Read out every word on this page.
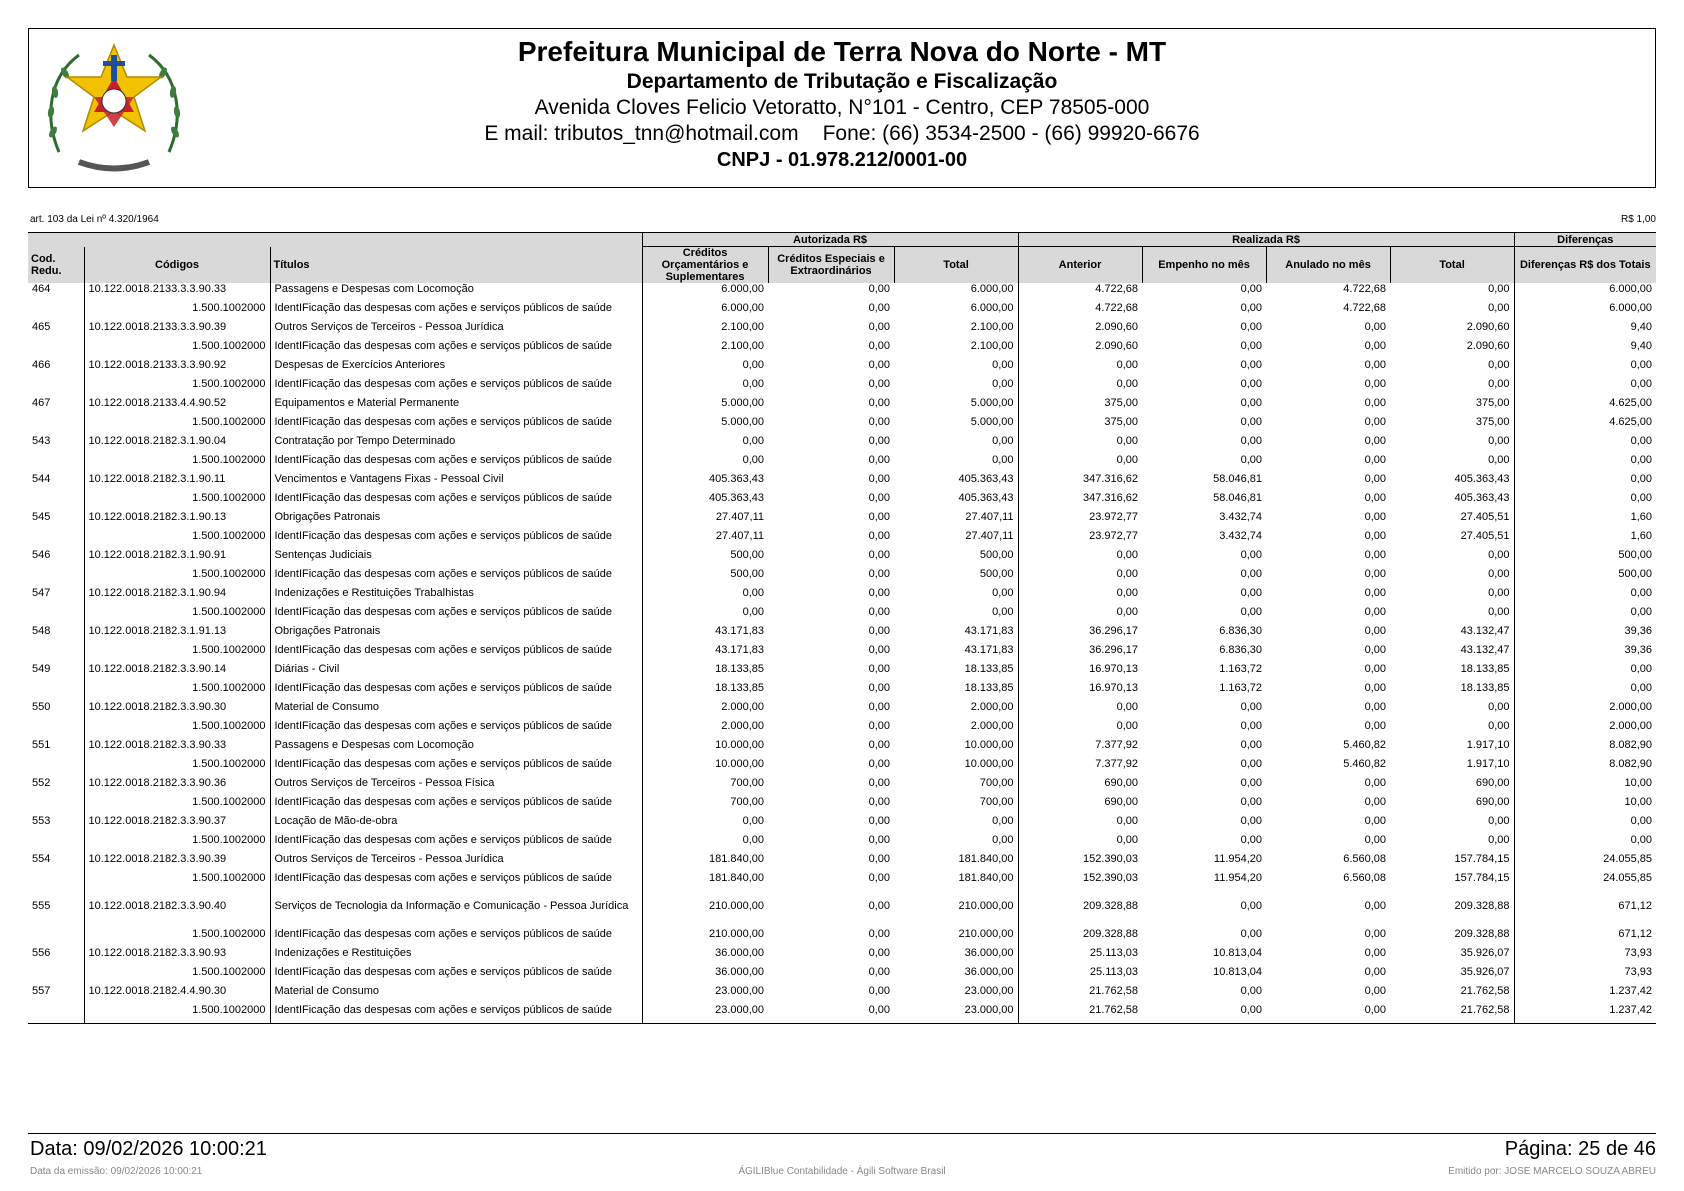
Prefeitura Municipal de Terra Nova do Norte - MT
Departamento de Tributação e Fiscalização
Avenida Cloves Felicio Vetoratto, N°101 - Centro, CEP 78505-000
E mail: tributos_tnn@hotmail.com Fone: (66) 3534-2500 - (66) 99920-6676
CNPJ - 01.978.212/0001-00
art. 103 da Lei nº 4.320/1964	R$ 1,00
			Autorizada R$			Realizada R$				Diferenças
Cod. Redu.	Códigos	Títulos	Créditos Orçamentários e Suplementares	Créditos Especiais e Extraordinários	Total	Anterior	Empenho no mês	Anulado no mês	Total	Diferenças R$ dos Totais
464	10.122.0018.2133.3.3.90.33	Passagens e Despesas com Locomoção	6.000,00	0,00	6.000,00	4.722,68	0,00	4.722,68	0,00	6.000,00
	1.500.1002000	IdentIFicação das despesas com ações e serviços públicos de saúde	6.000,00	0,00	6.000,00	4.722,68	0,00	4.722,68	0,00	6.000,00
465	10.122.0018.2133.3.3.90.39	Outros Serviços de Terceiros - Pessoa Jurídica	2.100,00	0,00	2.100,00	2.090,60	0,00	0,00	2.090,60	9,40
	1.500.1002000	IdentIFicação das despesas com ações e serviços públicos de saúde	2.100,00	0,00	2.100,00	2.090,60	0,00	0,00	2.090,60	9,40
466	10.122.0018.2133.3.3.90.92	Despesas de Exercícios Anteriores	0,00	0,00	0,00	0,00	0,00	0,00	0,00	0,00
	1.500.1002000	IdentIFicação das despesas com ações e serviços públicos de saúde	0,00	0,00	0,00	0,00	0,00	0,00	0,00	0,00
467	10.122.0018.2133.4.4.90.52	Equipamentos e Material Permanente	5.000,00	0,00	5.000,00	375,00	0,00	0,00	375,00	4.625,00
	1.500.1002000	IdentIFicação das despesas com ações e serviços públicos de saúde	5.000,00	0,00	5.000,00	375,00	0,00	0,00	375,00	4.625,00
543	10.122.0018.2182.3.1.90.04	Contratação por Tempo Determinado	0,00	0,00	0,00	0,00	0,00	0,00	0,00	0,00
	1.500.1002000	IdentIFicação das despesas com ações e serviços públicos de saúde	0,00	0,00	0,00	0,00	0,00	0,00	0,00	0,00
544	10.122.0018.2182.3.1.90.11	Vencimentos e Vantagens Fixas - Pessoal Civil	405.363,43	0,00	405.363,43	347.316,62	58.046,81	0,00	405.363,43	0,00
	1.500.1002000	IdentIFicação das despesas com ações e serviços públicos de saúde	405.363,43	0,00	405.363,43	347.316,62	58.046,81	0,00	405.363,43	0,00
545	10.122.0018.2182.3.1.90.13	Obrigações Patronais	27.407,11	0,00	27.407,11	23.972,77	3.432,74	0,00	27.405,51	1,60
	1.500.1002000	IdentIFicação das despesas com ações e serviços públicos de saúde	27.407,11	0,00	27.407,11	23.972,77	3.432,74	0,00	27.405,51	1,60
546	10.122.0018.2182.3.1.90.91	Sentenças Judiciais	500,00	0,00	500,00	0,00	0,00	0,00	0,00	500,00
	1.500.1002000	IdentIFicação das despesas com ações e serviços públicos de saúde	500,00	0,00	500,00	0,00	0,00	0,00	0,00	500,00
547	10.122.0018.2182.3.1.90.94	Indenizações e Restituições Trabalhistas	0,00	0,00	0,00	0,00	0,00	0,00	0,00	0,00
	1.500.1002000	IdentIFicação das despesas com ações e serviços públicos de saúde	0,00	0,00	0,00	0,00	0,00	0,00	0,00	0,00
548	10.122.0018.2182.3.1.91.13	Obrigações Patronais	43.171,83	0,00	43.171,83	36.296,17	6.836,30	0,00	43.132,47	39,36
	1.500.1002000	IdentIFicação das despesas com ações e serviços públicos de saúde	43.171,83	0,00	43.171,83	36.296,17	6.836,30	0,00	43.132,47	39,36
549	10.122.0018.2182.3.3.90.14	Diárias - Civil	18.133,85	0,00	18.133,85	16.970,13	1.163,72	0,00	18.133,85	0,00
	1.500.1002000	IdentIFicação das despesas com ações e serviços públicos de saúde	18.133,85	0,00	18.133,85	16.970,13	1.163,72	0,00	18.133,85	0,00
550	10.122.0018.2182.3.3.90.30	Material de Consumo	2.000,00	0,00	2.000,00	0,00	0,00	0,00	0,00	2.000,00
	1.500.1002000	IdentIFicação das despesas com ações e serviços públicos de saúde	2.000,00	0,00	2.000,00	0,00	0,00	0,00	0,00	2.000,00
551	10.122.0018.2182.3.3.90.33	Passagens e Despesas com Locomoção	10.000,00	0,00	10.000,00	7.377,92	0,00	5.460,82	1.917,10	8.082,90
	1.500.1002000	IdentIFicação das despesas com ações e serviços públicos de saúde	10.000,00	0,00	10.000,00	7.377,92	0,00	5.460,82	1.917,10	8.082,90
552	10.122.0018.2182.3.3.90.36	Outros Serviços de Terceiros - Pessoa Física	700,00	0,00	700,00	690,00	0,00	0,00	690,00	10,00
	1.500.1002000	IdentIFicação das despesas com ações e serviços públicos de saúde	700,00	0,00	700,00	690,00	0,00	0,00	690,00	10,00
553	10.122.0018.2182.3.3.90.37	Locação de Mão-de-obra	0,00	0,00	0,00	0,00	0,00	0,00	0,00	0,00
	1.500.1002000	IdentIFicação das despesas com ações e serviços públicos de saúde	0,00	0,00	0,00	0,00	0,00	0,00	0,00	0,00
554	10.122.0018.2182.3.3.90.39	Outros Serviços de Terceiros - Pessoa Jurídica	181.840,00	0,00	181.840,00	152.390,03	11.954,20	6.560,08	157.784,15	24.055,85
	1.500.1002000	IdentIFicação das despesas com ações e serviços públicos de saúde	181.840,00	0,00	181.840,00	152.390,03	11.954,20	6.560,08	157.784,15	24.055,85
555	10.122.0018.2182.3.3.90.40	Serviços de Tecnologia da Informação e Comunicação - Pessoa Jurídica	210.000,00	0,00	210.000,00	209.328,88	0,00	0,00	209.328,88	671,12
	1.500.1002000	IdentIFicação das despesas com ações e serviços públicos de saúde	210.000,00	0,00	210.000,00	209.328,88	0,00	0,00	209.328,88	671,12
556	10.122.0018.2182.3.3.90.93	Indenizações e Restituições	36.000,00	0,00	36.000,00	25.113,03	10.813,04	0,00	35.926,07	73,93
	1.500.1002000	IdentIFicação das despesas com ações e serviços públicos de saúde	36.000,00	0,00	36.000,00	25.113,03	10.813,04	0,00	35.926,07	73,93
557	10.122.0018.2182.4.4.90.30	Material de Consumo	23.000,00	0,00	23.000,00	21.762,58	0,00	0,00	21.762,58	1.237,42
	1.500.1002000	IdentIFicação das despesas com ações e serviços públicos de saúde	23.000,00	0,00	23.000,00	21.762,58	0,00	0,00	21.762,58	1.237,42
Data: 09/02/2026 10:00:21	Página: 25 de 46
Data da emissão: 09/02/2026 10:00:21	ÁGILIBlue Contabilidade - Ágili Software Brasil	Emitido por: JOSE MARCELO SOUZA ABREU
